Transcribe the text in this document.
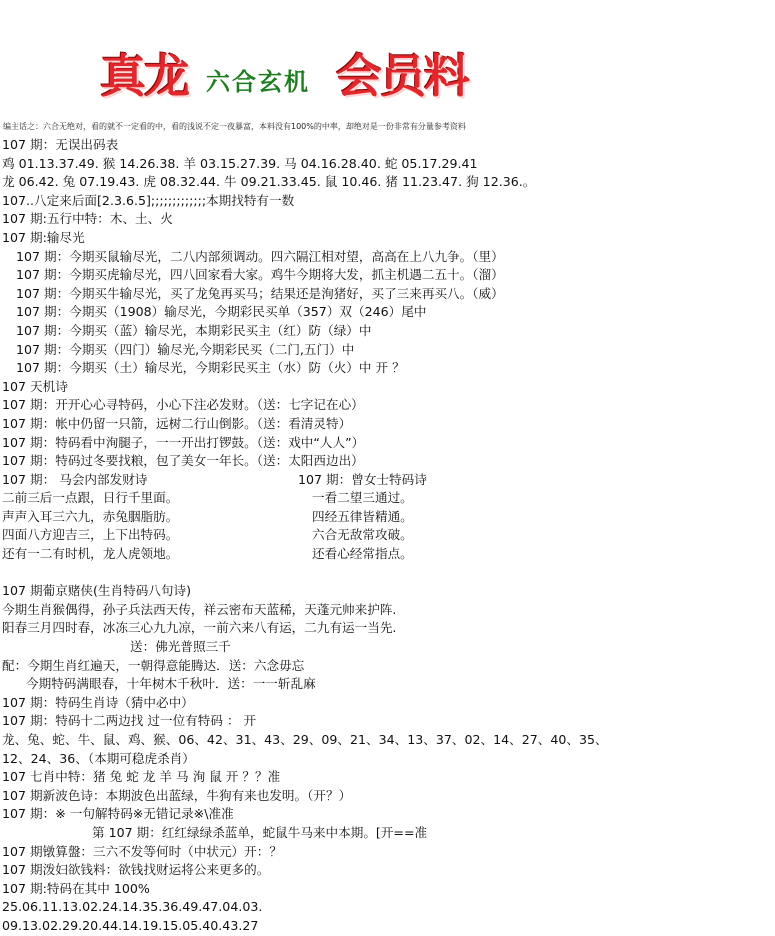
真龙 六合玄机 会员料
编主话之：六合无绝对，看的就不一定看的中，看的浅说不定一夜暴富，本料没有100%的中率，却绝对是一份非常有分量参考资料
107 期：无误出码表
鸡 01.13.37.49. 猴 14.26.38. 羊 03.15.27.39. 马 04.16.28.40. 蛇 05.17.29.41
龙 06.42. 兔 07.19.43. 虎 08.32.44. 牛 09.21.33.45. 鼠 10.46. 猪 11.23.47. 狗 12.36.。
107..八定来后面[2.3.6.5];;;;;;;;;;;;;本期找特有一数
107 期:五行中特：木、土、火
107 期:输尽光
107 期：今期买鼠输尽光，二八内部须调动。四六隔江相对望，高高在上八九争。（里）
107 期：今期买虎输尽光，四八回家看大家。鸡牛今期将大发，抓主机遇二五十。（溜）
107 期：今期买牛输尽光，买了龙兔再买马；结果还是洵猪好，买了三来再买八。（威）
107 期：今期买（1908）输尽光，今期彩民买单（357）双（246）尾中
107 期：今期买（蓝）输尽光，本期彩民买主（红）防（绿）中
107 期：今期买（四门）输尽光,今期彩民买（二门,五门）中
107 期：今期买（土）输尽光，今期彩民买主（水）防（火）中 开 ？
107 天机诗
107 期：开开心心寻特码，小心下注必发财。（送：七字记在心）
107 期：帐中仍留一只箭，远树二行山倒影。（送：看清灵特）
107 期：特码看中洵腿子，一一开出打锣鼓。（送：戏中“人人”）
107 期：特码过冬要找粮，包了美女一年长。（送：太阳西边出）
107 期： 马会内部发财诗	107 期：曾女士特码诗
二前三后一点跟，日行千里面。	一看二望三通过。
声声入耳三六九，赤兔胭脂肪。	四经五律皆精通。
四面八方迎吉三，上下出特码。	六合无敌常攻破。
还有一二有时机，龙人虎领地。	还看心经常指点。
107 期葡京赌侠(生肖特码八句诗)
今期生肖猴偶得，孙子兵法西天传，祥云密布天蓝稀，天蓬元帅来护阵.
阳春三月四时春，冰冻三心九九凉，一前六来八有运，二九有运一当先.
送：佛光普照三千
配：今期生肖红遍天，一朝得意能腾达．送：六念毋忘
今期特码满眼春，十年树木千秋叶．送：一一斩乱麻
107 期：特码生肖诗（猜中必中）
107 期：特码十二两边找 过一位有特码 ： 开
龙、兔、蛇、牛、鼠、鸡、猴、06、42、31、43、29、09、21、34、13、37、02、14、27、40、35、
12、24、36、（本期可稳虎杀肖）
107 七肖中特：猪 兔 蛇 龙 羊 马 洵 鼠 开 ？？准
107 期新波色诗：本期波色出蓝绿，牛狗有来也发明。（开？）
107 期：※ 一句解特码※无错记录※\准准
第 107 期：红红绿绿杀蓝单，蛇鼠牛马来中本期。[开==准
107 期镦算盤：三六不发等何时（中状元）开：？
107 期泼妇欲钱料：欲钱找财运将公来更多的。
107 期:特码在其中 100%
25.06.11.13.02.24.14.35.36.49.47.04.03.
09.13.02.29.20.44.14.19.15.05.40.43.27
